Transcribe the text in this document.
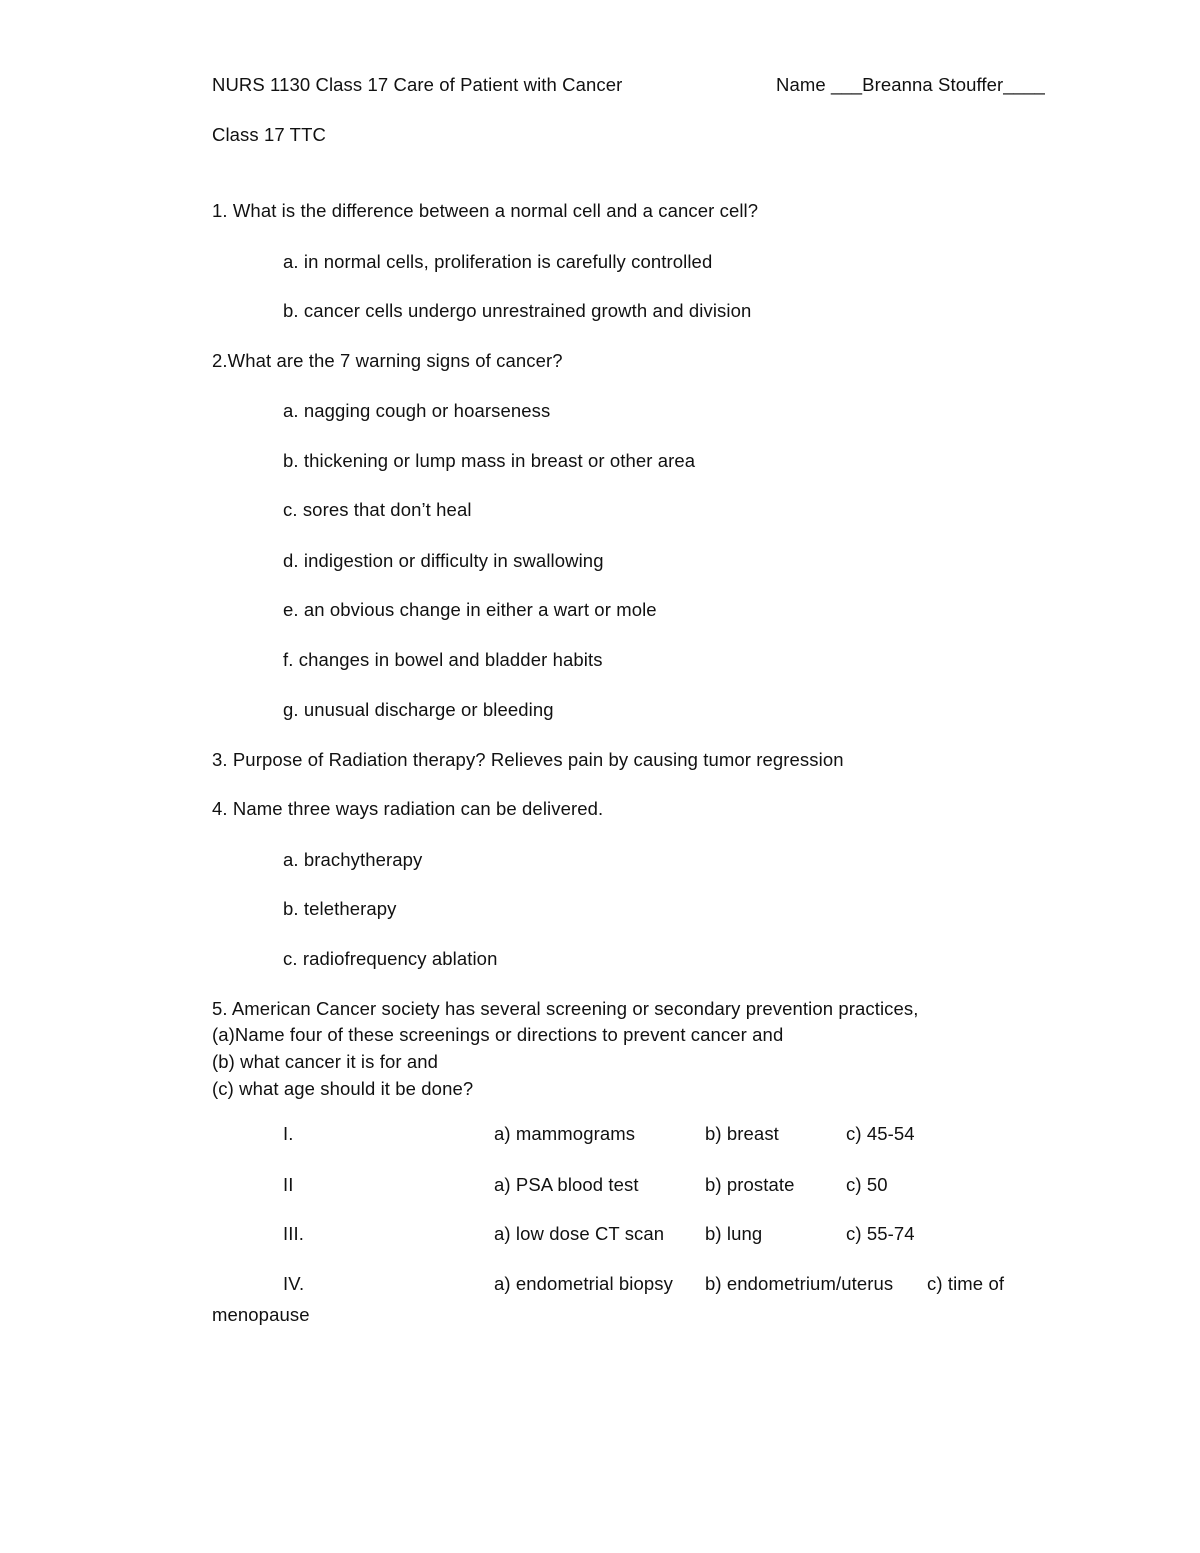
NURS 1130 Class 17 Care of Patient with Cancer	Name ___Breanna Stouffer____
Class 17 TTC
1. What is the difference between a normal cell and a cancer cell?
a. in normal cells, proliferation is carefully controlled
b. cancer cells undergo unrestrained growth and division
2.What are the 7 warning signs of cancer?
a. nagging cough or hoarseness
b. thickening or lump mass in breast or other area
c. sores that don’t heal
d. indigestion or difficulty in swallowing
e. an obvious change in either a wart or mole
f. changes in bowel and bladder habits
g. unusual discharge or bleeding
3. Purpose of Radiation therapy? Relieves pain by causing tumor regression
4. Name three ways radiation can be delivered.
a. brachytherapy
b. teletherapy
c. radiofrequency ablation
5. American Cancer society has several screening or secondary prevention practices,
(a)Name four of these screenings or directions to prevent cancer and
(b) what cancer it is for and
(c) what age should it be done?
I.	a) mammograms	b) breast	c) 45-54
II	a) PSA blood test	b) prostate	c) 50
III.	a) low dose CT scan b) lung	c) 55-74
IV.	a) endometrial biopsy b) endometrium/uterus c) time of
menopause
